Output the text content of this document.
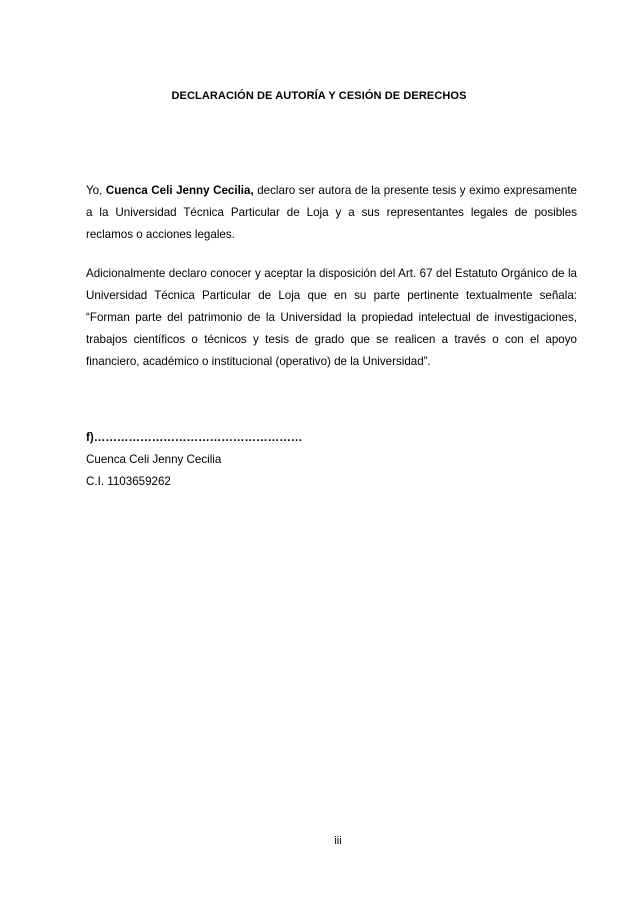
DECLARACIÓN DE AUTORÍA Y CESIÓN DE DERECHOS
Yo, Cuenca Celi Jenny Cecilia, declaro ser autora de la presente tesis y eximo expresamente a la Universidad Técnica Particular de Loja y a sus representantes legales de posibles reclamos o acciones legales.
Adicionalmente declaro conocer y aceptar la disposición del Art. 67 del Estatuto Orgánico de la Universidad Técnica Particular de Loja que en su parte pertinente textualmente señala: “Forman parte del patrimonio de la Universidad la propiedad intelectual de investigaciones, trabajos científicos o técnicos y tesis de grado que se realicen a través o con el apoyo financiero, académico o institucional (operativo) de la Universidad”.
f)………………………………………………
Cuenca Celi Jenny Cecilia
C.I. 1103659262
iii
